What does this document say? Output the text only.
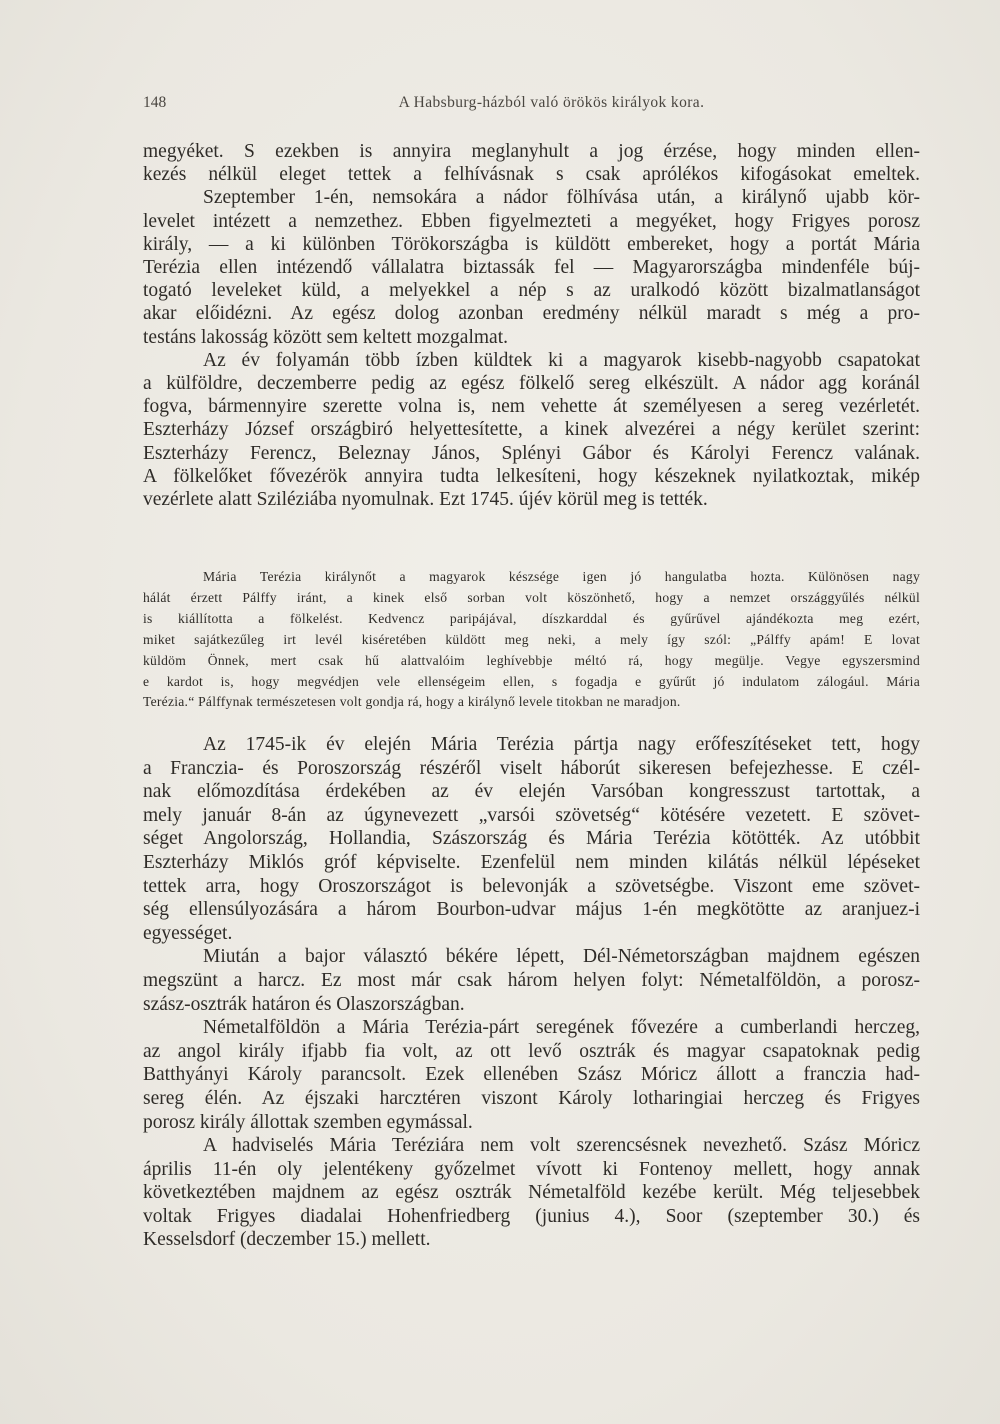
148	A Habsburg-házból való örökös királyok kora.
megyéket. S ezekben is annyira meglanyhult a jog érzése, hogy minden ellen-
kezés nélkül eleget tettek a felhívásnak s csak aprólékos kifogásokat emeltek.
Szeptember 1-én, nemsokára a nádor fölhívása után, a királynő ujabb kör-
levelet intézett a nemzethez. Ebben figyelmezteti a megyéket, hogy Frigyes porosz
király, — a ki különben Törökországba is küldött embereket, hogy a portát Mária
Terézia ellen intézendő vállalatra biztassák fel — Magyarországba mindenféle búj-
togató leveleket küld, a melyekkel a nép s az uralkodó között bizalmatlanságot
akar előidézni. Az egész dolog azonban eredmény nélkül maradt s még a pro-
testáns lakosság között sem keltett mozgalmat.
Az év folyamán több ízben küldtek ki a magyarok kisebb-nagyobb csapatokat
a külföldre, deczemberre pedig az egész fölkelő sereg elkészült. A nádor agg koránál
fogva, bármennyire szerette volna is, nem vehette át személyesen a sereg vezérletét.
Eszterházy József országbiró helyettesítette, a kinek alvezérei a négy kerület szerint:
Eszterházy Ferencz, Beleznay János, Splényi Gábor és Károlyi Ferencz valának.
A fölkelőket fővezérök annyira tudta lelkesíteni, hogy készeknek nyilatkoztak, mikép
vezérlete alatt Sziléziába nyomulnak. Ezt 1745. újév körül meg is tették.
Mária Terézia királynőt a magyarok készsége igen jó hangulatba hozta. Különösen nagy
hálát érzett Pálffy iránt, a kinek első sorban volt köszönhető, hogy a nemzet országgyűlés nélkül
is kiállította a fölkelést. Kedvencz paripájával, díszkarddal és gyűrűvel ajándékozta meg ezért,
miket sajátkezűleg irt levél kiséretében küldött meg neki, a mely így szól: „Pálffy apám! E lovat
küldöm Önnek, mert csak hű alattvalóim leghívebbje méltó rá, hogy megülje. Vegye egyszersmind
e kardot is, hogy megvédjen vele ellenségeim ellen, s fogadja e gyűrűt jó indulatom zálogául. Mária
Terézia.“ Pálffynak természetesen volt gondja rá, hogy a királynő levele titokban ne maradjon.
Az 1745-ik év elején Mária Terézia pártja nagy erőfeszítéseket tett, hogy
a Franczia- és Poroszország részéről viselt háborút sikeresen befejezhesse. E czél-
nak előmozdítása érdekében az év elején Varsóban kongresszust tartottak, a
mely január 8-án az úgynevezett „varsói szövetség“ kötésére vezetett. E szövet-
séget Angolország, Hollandia, Szászország és Mária Terézia kötötték. Az utóbbit
Eszterházy Miklós gróf képviselte. Ezenfelül nem minden kilátás nélkül lépéseket
tettek arra, hogy Oroszországot is belevonják a szövetségbe. Viszont eme szövet-
ség ellensúlyozására a három Bourbon-udvar május 1-én megkötötte az aranjuez-i
egyességet.
Miután a bajor választó békére lépett, Dél-Németországban majdnem egészen
megszünt a harcz. Ez most már csak három helyen folyt: Németalföldön, a porosz-
szász-osztrák határon és Olaszországban.
Németalföldön a Mária Terézia-párt seregének fővezére a cumberlandi herczeg,
az angol király ifjabb fia volt, az ott levő osztrák és magyar csapatoknak pedig
Batthyányi Károly parancsolt. Ezek ellenében Szász Móricz állott a franczia had-
sereg élén. Az éjszaki harcztéren viszont Károly lotharingiai herczeg és Frigyes
porosz király állottak szemben egymással.
A hadviselés Mária Teréziára nem volt szerencsésnek nevezhető. Szász Móricz
április 11-én oly jelentékeny győzelmet vívott ki Fontenoy mellett, hogy annak
következtében majdnem az egész osztrák Németalföld kezébe került. Még teljesebbek
voltak Frigyes diadalai Hohenfriedberg (junius 4.), Soor (szeptember 30.) és
Kesselsdorf (deczember 15.) mellett.
